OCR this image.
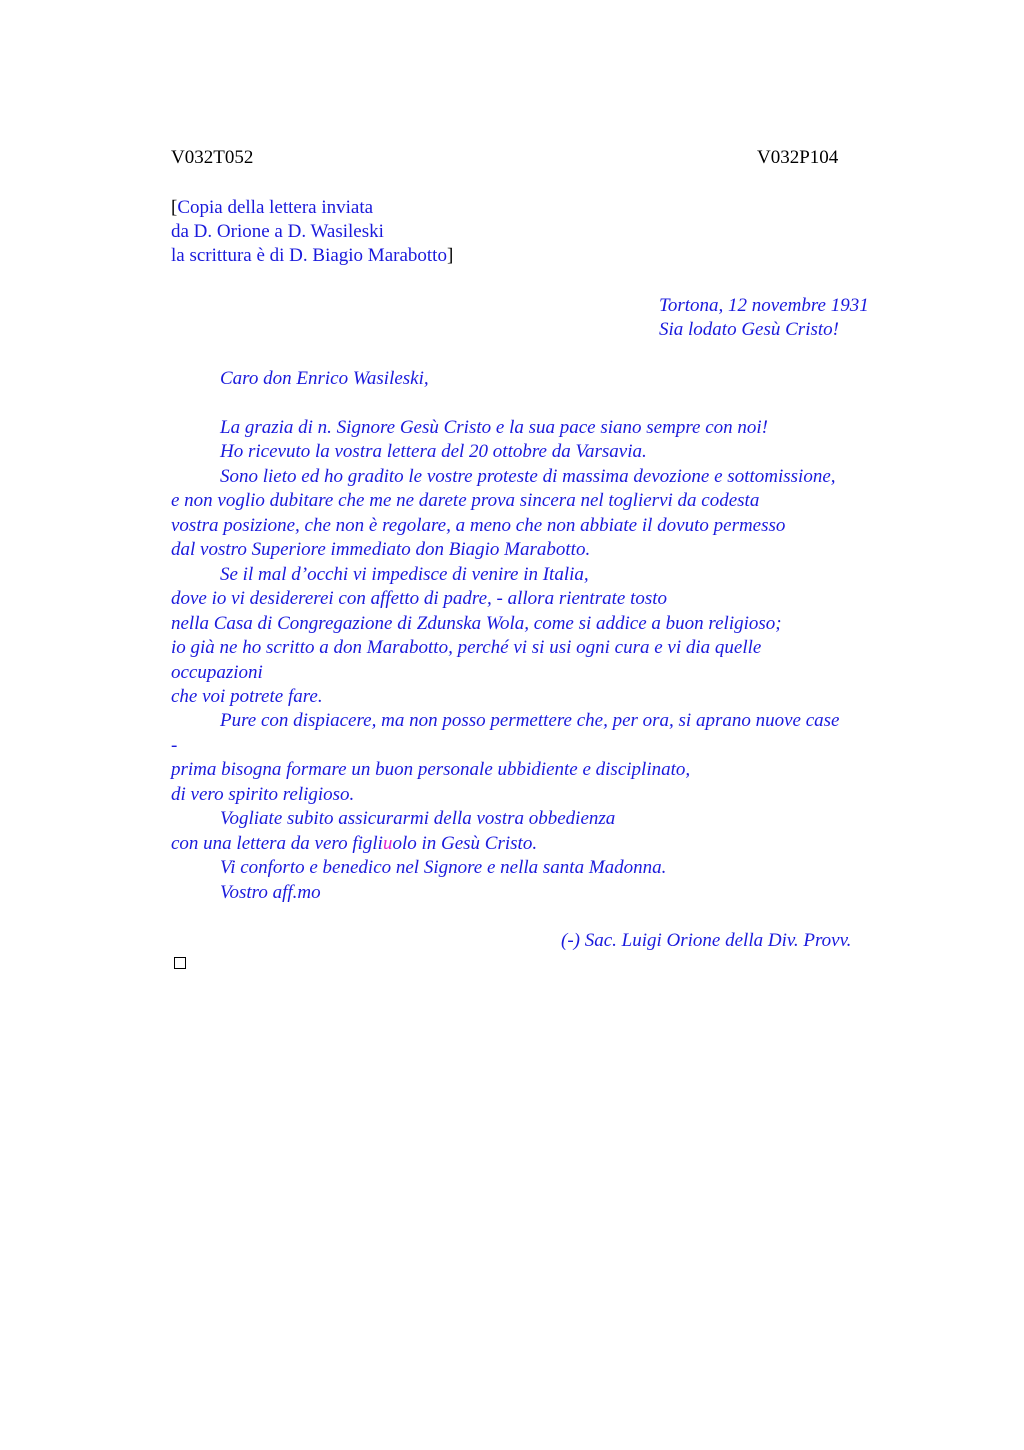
V032T052	V032P104
[Copia della lettera inviata
da D. Orione a D. Wasileski
la scrittura è di D. Biagio Marabotto]
Tortona, 12 novembre 1931
Sia lodato Gesù Cristo!
Caro don Enrico Wasileski,
La grazia di n. Signore Gesù Cristo e la sua pace siano sempre con noi!
Ho ricevuto la vostra lettera del 20 ottobre da Varsavia.
Sono lieto ed ho gradito le vostre proteste di massima devozione e sottomissione,
e non voglio dubitare che me ne darete prova sincera nel togliervi da codesta
vostra posizione, che non è regolare, a meno che non abbiate il dovuto permesso
dal vostro Superiore immediato don Biagio Marabotto.
Se il mal d’occhi vi impedisce di venire in Italia,
dove io vi desidererei con affetto di padre, - allora rientrate tosto
nella Casa di Congregazione di Zdunska Wola, come si addice a buon religioso;
io già ne ho scritto a don Marabotto, perché vi si usi ogni cura e vi dia quelle
occupazioni
che voi potrete fare.
Pure con dispiacere, ma non posso permettere che, per ora, si aprano nuove case
-
prima bisogna formare un buon personale ubbidiente e disciplinato,
di vero spirito religioso.
Vogliate subito assicurarmi della vostra obbedienza
con una lettera da vero figliuolo in Gesù Cristo.
Vi conforto e benedico nel Signore e nella santa Madonna.
Vostro aff.mo
(-) Sac. Luigi Orione della Div. Provv.
